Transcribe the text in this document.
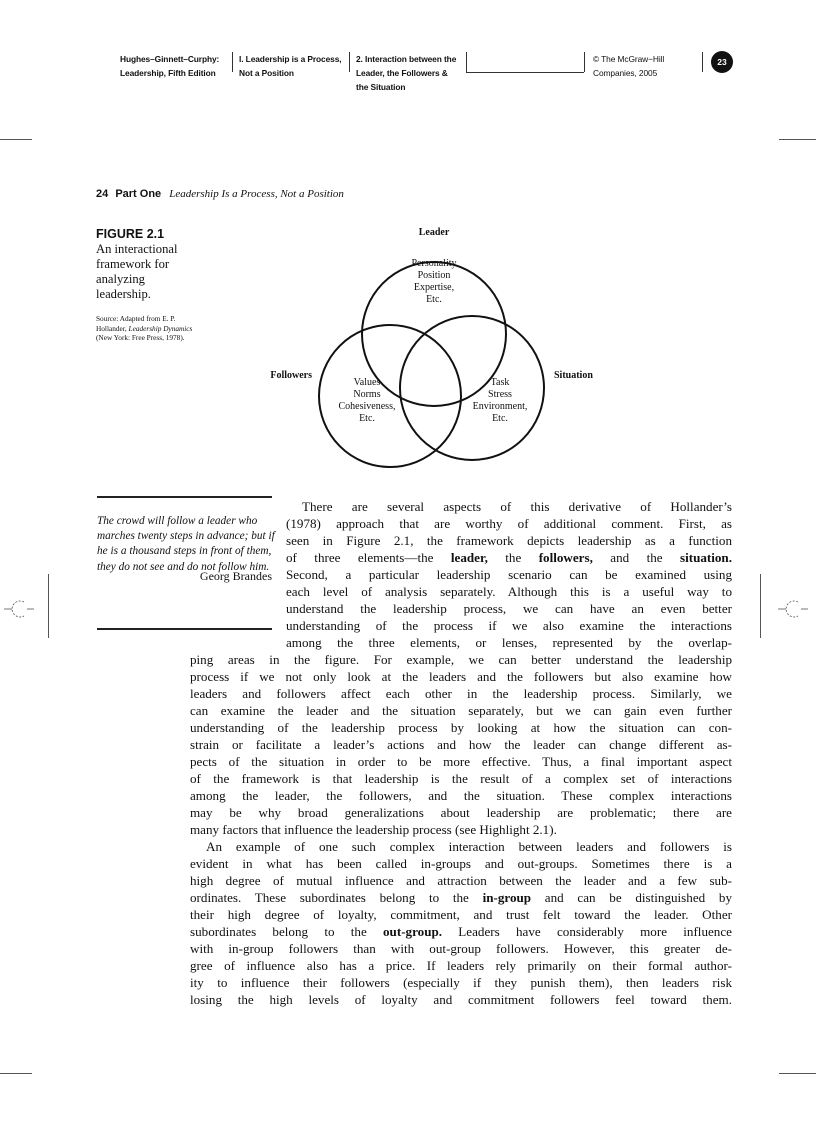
Hughes–Ginnett–Curphy:
Leadership, Fifth Edition
I. Leadership is a Process,
Not a Position
2. Interaction between the
Leader, the Followers &
the Situation
© The McGraw−Hill
Companies, 2005
23
24 Part One Leadership Is a Process, Not a Position
FIGURE 2.1
An interactional framework for analyzing leadership.
Source: Adapted from E. P. Hollander, Leadership Dynamics (New York: Free Press, 1978).
Leader
Followers	Situation
Personality
Position
Expertise,
Etc.
Values
Norms
Cohesiveness,
Etc.
Task
Stress
Environment,
Etc.
The crowd will follow a leader who marches twenty steps in advance; but if he is a thousand steps in front of them, they do not see and do not follow him.
Georg Brandes
There are several aspects of this derivative of Hollander’s
(1978) approach that are worthy of additional comment. First, as
seen in Figure 2.1, the framework depicts leadership as a function
of three elements—the leader, the followers, and the situation.
Second, a particular leadership scenario can be examined using
each level of analysis separately. Although this is a useful way to
understand the leadership process, we can have an even better
understanding of the process if we also examine the interactions
among the three elements, or lenses, represented by the overlap-
ping areas in the figure. For example, we can better understand the leadership
process if we not only look at the leaders and the followers but also examine how
leaders and followers affect each other in the leadership process. Similarly, we
can examine the leader and the situation separately, but we can gain even further
understanding of the leadership process by looking at how the situation can con-
strain or facilitate a leader’s actions and how the leader can change different as-
pects of the situation in order to be more effective. Thus, a final important aspect
of the framework is that leadership is the result of a complex set of interactions
among the leader, the followers, and the situation. These complex interactions
may be why broad generalizations about leadership are problematic; there are
many factors that influence the leadership process (see Highlight 2.1).
An example of one such complex interaction between leaders and followers is
evident in what has been called in-groups and out-groups. Sometimes there is a
high degree of mutual influence and attraction between the leader and a few sub-
ordinates. These subordinates belong to the in-group and can be distinguished by
their high degree of loyalty, commitment, and trust felt toward the leader. Other
subordinates belong to the out-group. Leaders have considerably more influence
with in-group followers than with out-group followers. However, this greater de-
gree of influence also has a price. If leaders rely primarily on their formal author-
ity to influence their followers (especially if they punish them), then leaders risk
losing the high levels of loyalty and commitment followers feel toward them.
